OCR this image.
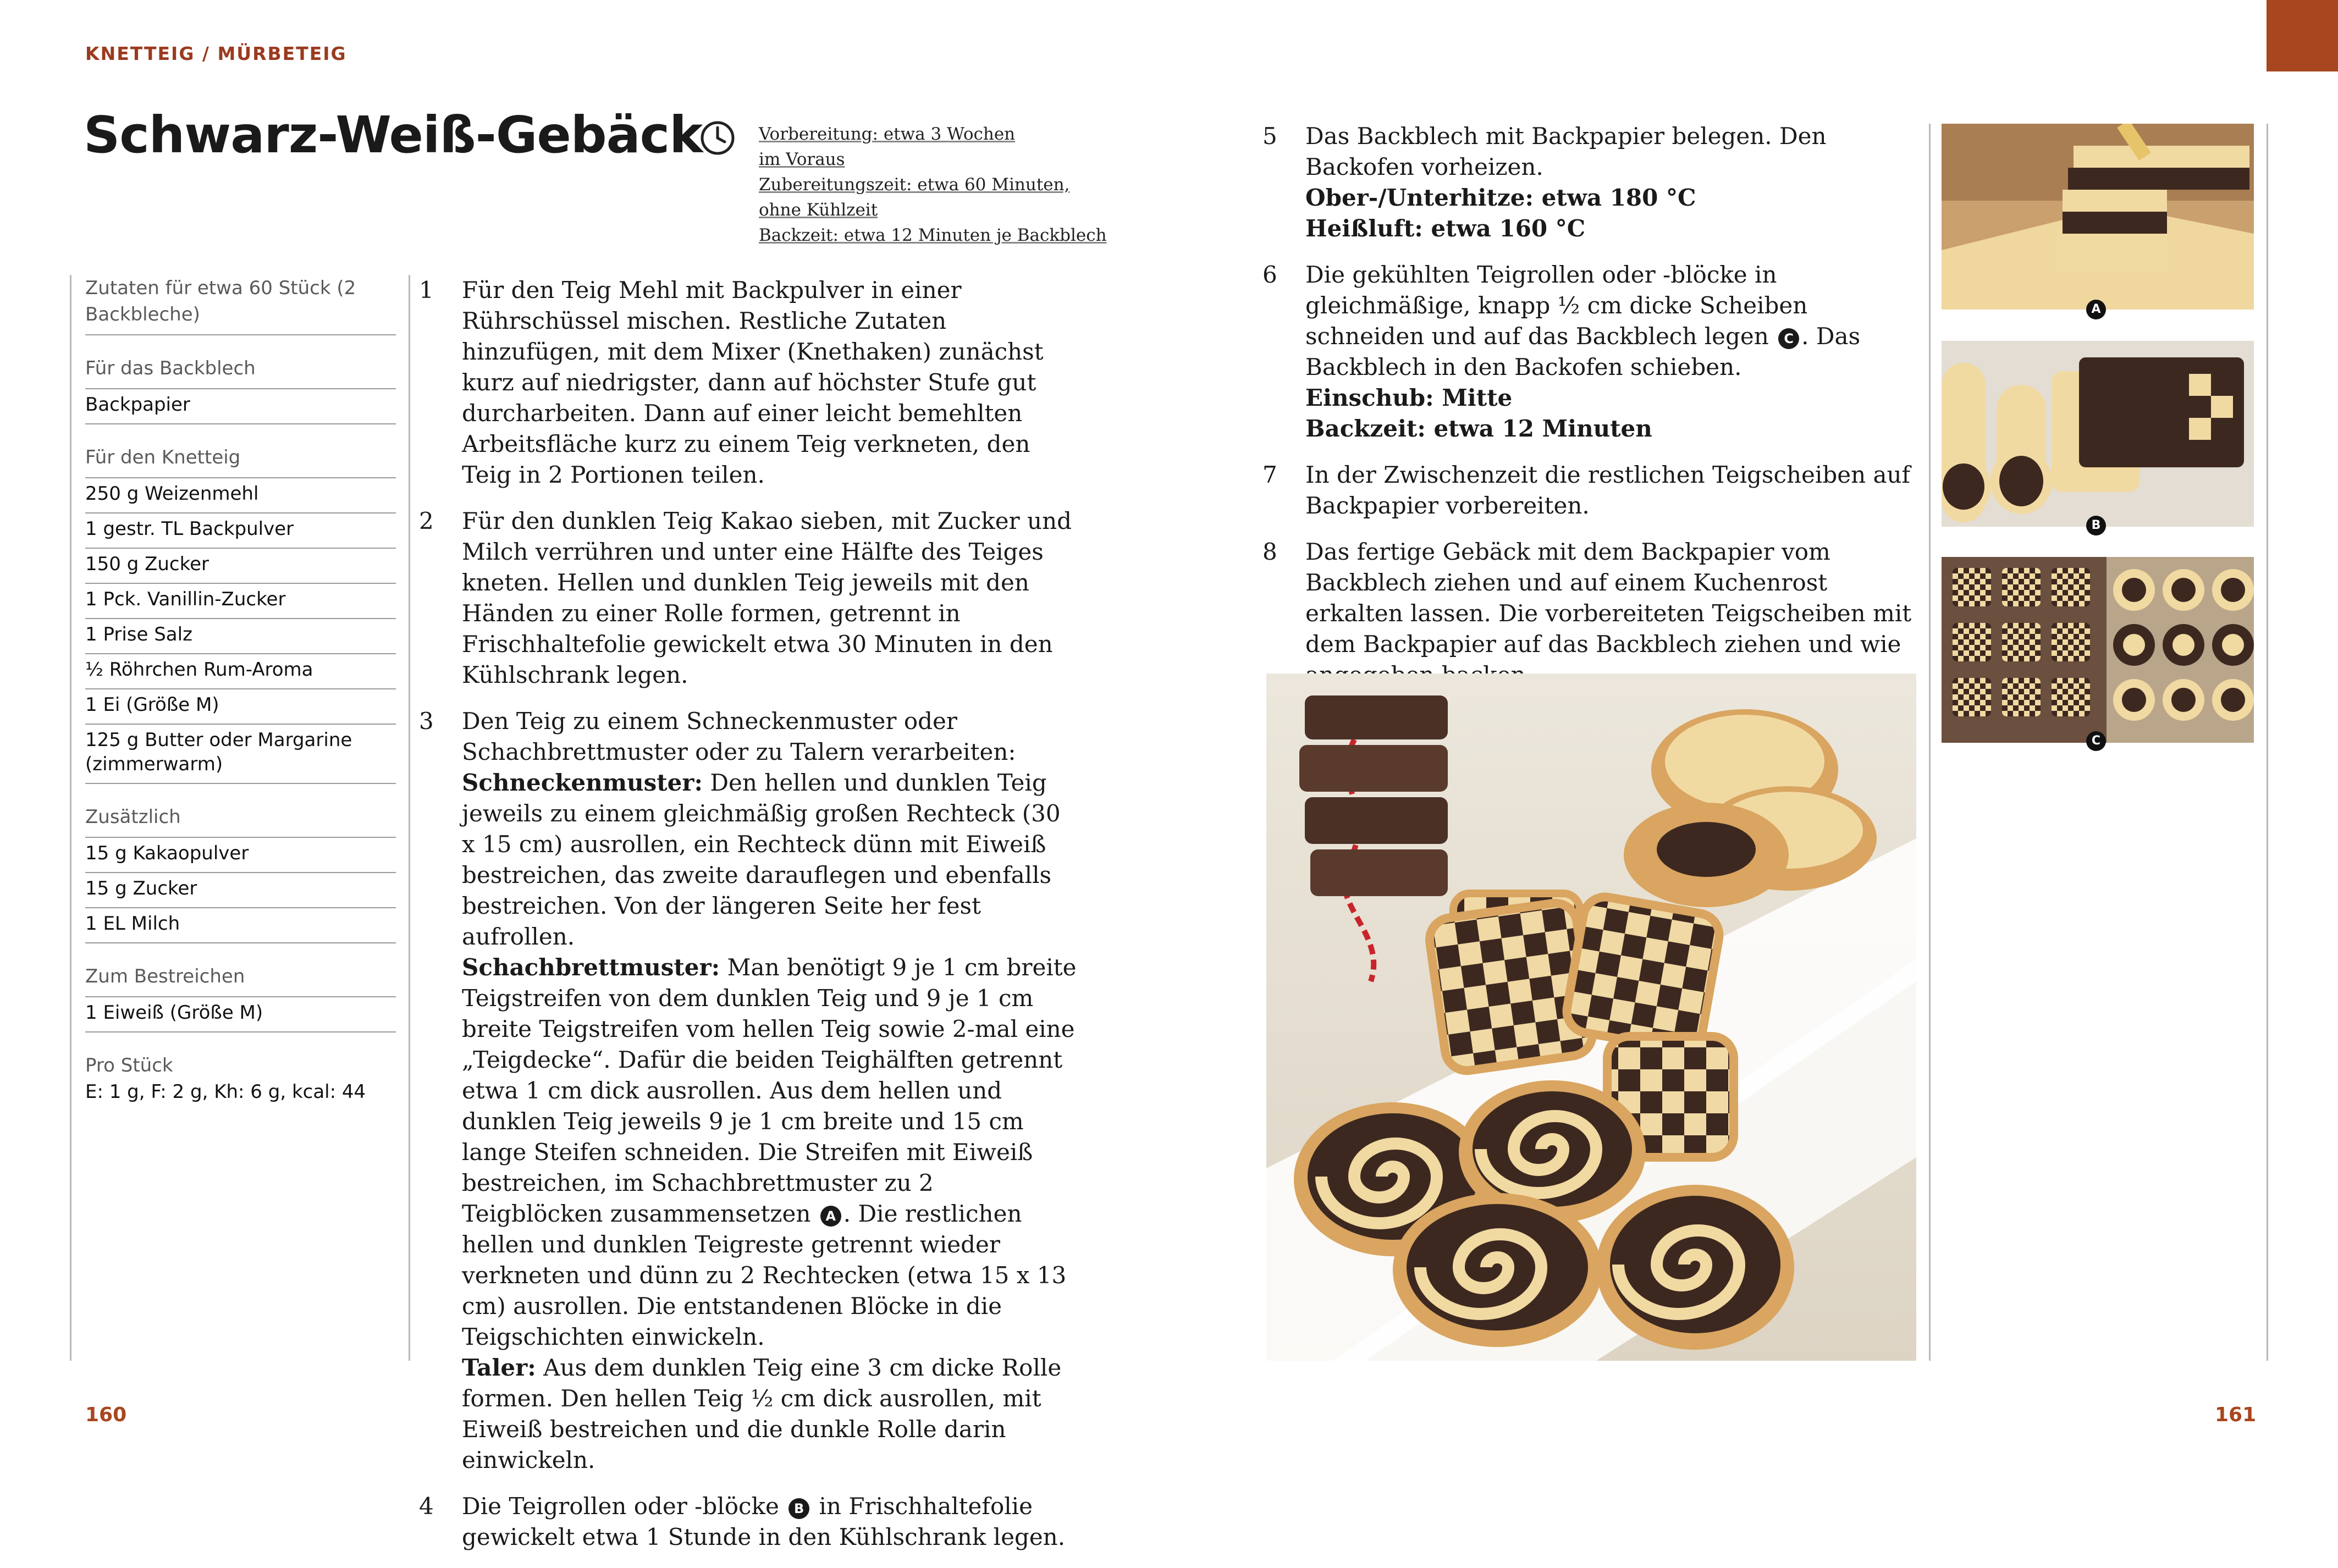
KNETTEIG / MÜRBETEIG
Schwarz-Weiß-Gebäck	Vorbereitung: etwa 3 Wochen
im Voraus
Zubereitungszeit: etwa 60 Minuten,
ohne Kühlzeit
Backzeit: etwa 12 Minuten je Backblech
Zutaten für etwa 60 Stück (2 Backbleche)
Für das Backblech
Backpapier
Für den Knetteig
250 g Weizenmehl
1 gestr. TL Backpulver
150 g Zucker
1 Pck. Vanillin-Zucker
1 Prise Salz
½ Röhrchen Rum-Aroma
1 Ei (Größe M)
125 g Butter oder Margarine (zimmerwarm)
Zusätzlich
15 g Kakaopulver
15 g Zucker
1 EL Milch
Zum Bestreichen
1 Eiweiß (Größe M)
Pro Stück
E: 1 g, F: 2 g, Kh: 6 g, kcal: 44
1 Für den Teig Mehl mit Backpulver in einer Rührschüssel mischen. Restliche Zutaten hinzufügen, mit dem Mixer (Knethaken) zunächst kurz auf niedrigster, dann auf höchster Stufe gut durcharbeiten. Dann auf einer leicht bemehlten Arbeitsfläche kurz zu einem Teig verkneten, den Teig in 2 Portionen teilen.
2 Für den dunklen Teig Kakao sieben, mit Zucker und Milch verrühren und unter eine Hälfte des Teiges kneten. Hellen und dunklen Teig jeweils mit den Händen zu einer Rolle formen, getrennt in Frischhaltefolie gewickelt etwa 30 Minuten in den Kühlschrank legen.
3 Den Teig zu einem Schneckenmuster oder Schachbrettmuster oder zu Talern verarbeiten:
Schneckenmuster: Den hellen und dunklen Teig jeweils zu einem gleichmäßig großen Rechteck (30 x 15 cm) ausrollen, ein Rechteck dünn mit Eiweiß bestreichen, das zweite darauflegen und ebenfalls bestreichen. Von der längeren Seite her fest aufrollen.
Schachbrettmuster: Man benötigt 9 je 1 cm breite Teigstreifen von dem dunklen Teig und 9 je 1 cm breite Teigstreifen vom hellen Teig sowie 2-mal eine „Teigdecke“. Dafür die beiden Teighälften getrennt etwa 1 cm dick ausrollen. Aus dem hellen und dunklen Teig jeweils 9 je 1 cm breite und 15 cm lange Steifen schneiden. Die Streifen mit Eiweiß bestreichen, im Schachbrettmuster zu 2 Teigblöcken zusammensetzen A . Die restlichen hellen und dunklen Teigreste getrennt wieder verkneten und dünn zu 2 Rechtecken (etwa 15 x 13 cm) ausrollen. Die entstandenen Blöcke in die Teigschichten einwickeln.
Taler: Aus dem dunklen Teig eine 3 cm dicke Rolle formen. Den hellen Teig ½ cm dick ausrollen, mit Eiweiß bestreichen und die dunkle Rolle darin einwickeln.
4 Die Teigrollen oder -blöcke B in Frischhaltefolie gewickelt etwa 1 Stunde in den Kühlschrank legen.
5 Das Backblech mit Backpapier belegen. Den Backofen vorheizen.
Ober-/Unterhitze: etwa 180 °C
Heißluft: etwa 160 °C
6 Die gekühlten Teigrollen oder -blöcke in gleichmäßige, knapp ½ cm dicke Scheiben schneiden und auf das Backblech legen C . Das Backblech in den Backofen schieben.
Einschub: Mitte
Backzeit: etwa 12 Minuten
7 In der Zwischenzeit die restlichen Teigscheiben auf Backpapier vorbereiten.
8 Das fertige Gebäck mit dem Backpapier vom Backblech ziehen und auf einem Kuchenrost erkalten lassen. Die vorbereiteten Teigscheiben mit dem Backpapier auf das Backblech ziehen und wie
A
B
C
160	161
